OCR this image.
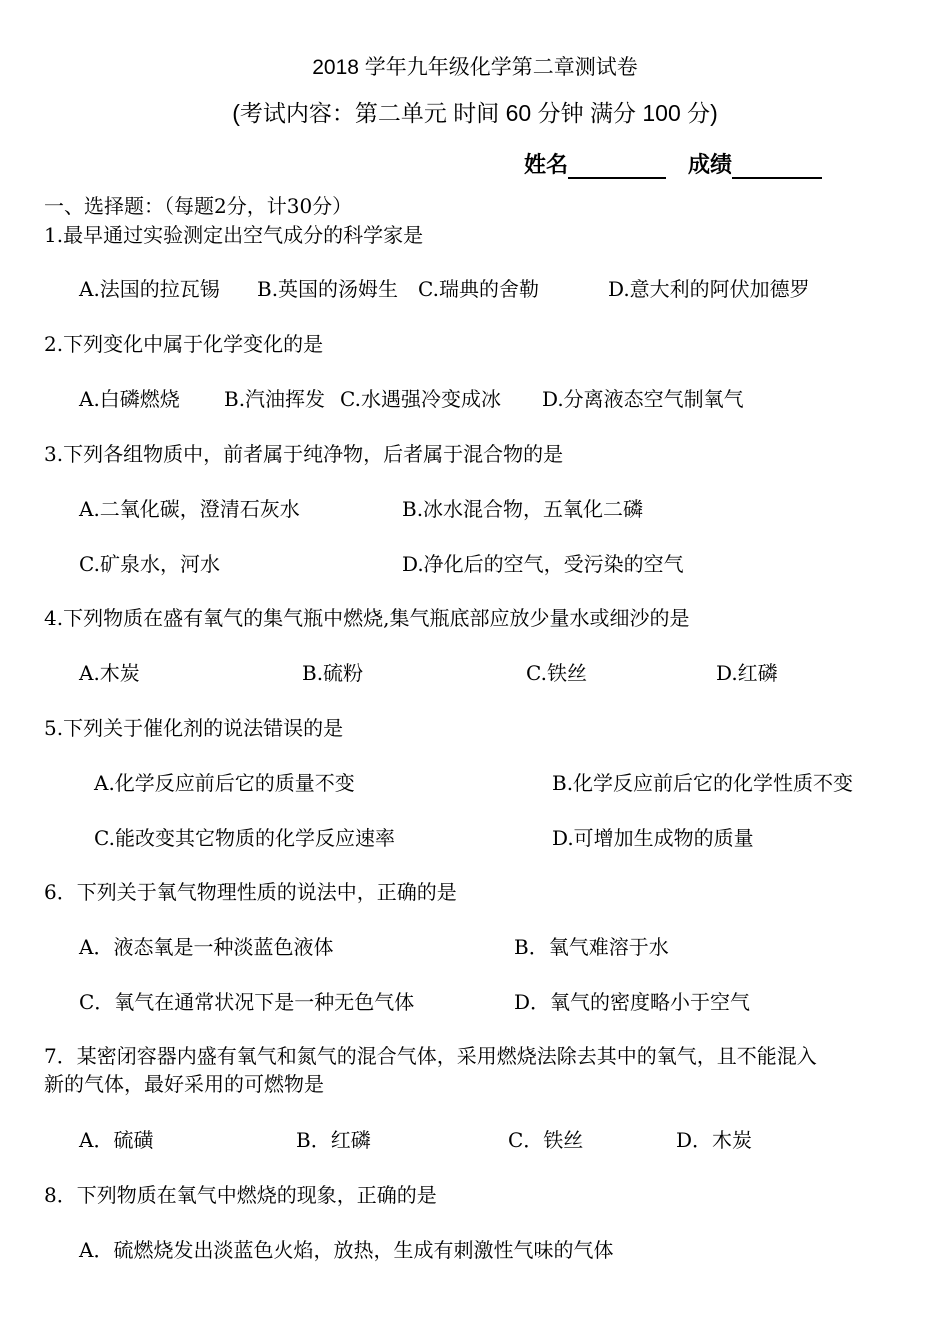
2018 学年九年级化学第二章测试卷
(考试内容：第二单元 时间 60 分钟 满分 100 分)
姓名	成绩
一、选择题：（每题2分，计30分）
1.最早通过实验测定出空气成分的科学家是
A.法国的拉瓦锡 B.英国的汤姆生 C.瑞典的舍勒	D.意大利的阿伏加德罗
2.下列变化中属于化学变化的是
A.白磷燃烧 B.汽油挥发 C.水遇强冷变成冰 D.分离液态空气制氧气
3.下列各组物质中，前者属于纯净物，后者属于混合物的是
A.二氧化碳，澄清石灰水	B.冰水混合物，五氧化二磷
C.矿泉水，河水	D.净化后的空气，受污染的空气
4.下列物质在盛有氧气的集气瓶中燃烧,集气瓶底部应放少量水或细沙的是
A.木炭	B.硫粉	C.铁丝	D.红磷
5.下列关于催化剂的说法错误的是
A.化学反应前后它的质量不变	B.化学反应前后它的化学性质不变
C.能改变其它物质的化学反应速率	D.可增加生成物的质量
6．下列关于氧气物理性质的说法中，正确的是
A．液态氧是一种淡蓝色液体	B．氧气难溶于水
C．氧气在通常状况下是一种无色气体	D．氧气的密度略小于空气
7．某密闭容器内盛有氧气和氮气的混合气体，采用燃烧法除去其中的氧气，且不能混入
新的气体，最好采用的可燃物是
A．硫磺	B．红磷	C．铁丝	D．木炭
8．下列物质在氧气中燃烧的现象，正确的是
A．硫燃烧发出淡蓝色火焰，放热，生成有刺激性气味的气体
